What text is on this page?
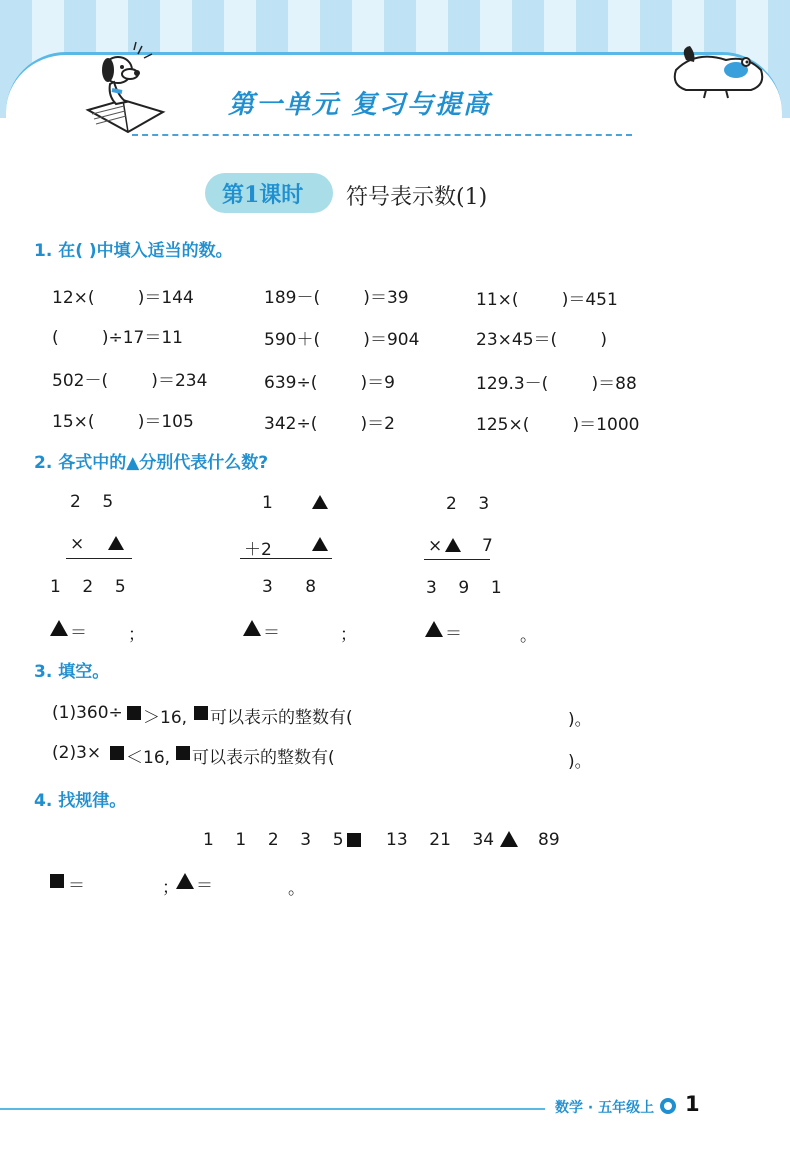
第一单元 复习与提高
第1课时 符号表示数(1)
1. 在( )中填入适当的数。
12×(        )＝144	189－(        )＝39	11×(        )＝451
(        )÷17＝11	590＋(        )＝904	23×45＝(        )
502－(        )＝234	639÷(        )＝9	129.3－(        )＝88
15×(        )＝105	342÷(        )＝2	125×(        )＝1000
2. 各式中的▲分别代表什么数?
2    5
×
1    2    5
1
＋2
3      8
2    3
× 7
3    9    1
＝ ；	＝	；	＝	。
3. 填空。
(1)360÷ ＞16, 可以表示的整数有(	)。
(2)3× ＜16, 可以表示的整数有(	)。
4. 找规律。
1    1    2    3    5 13    21    34	89
＝	； ＝	。
数学 · 五年级上 1
